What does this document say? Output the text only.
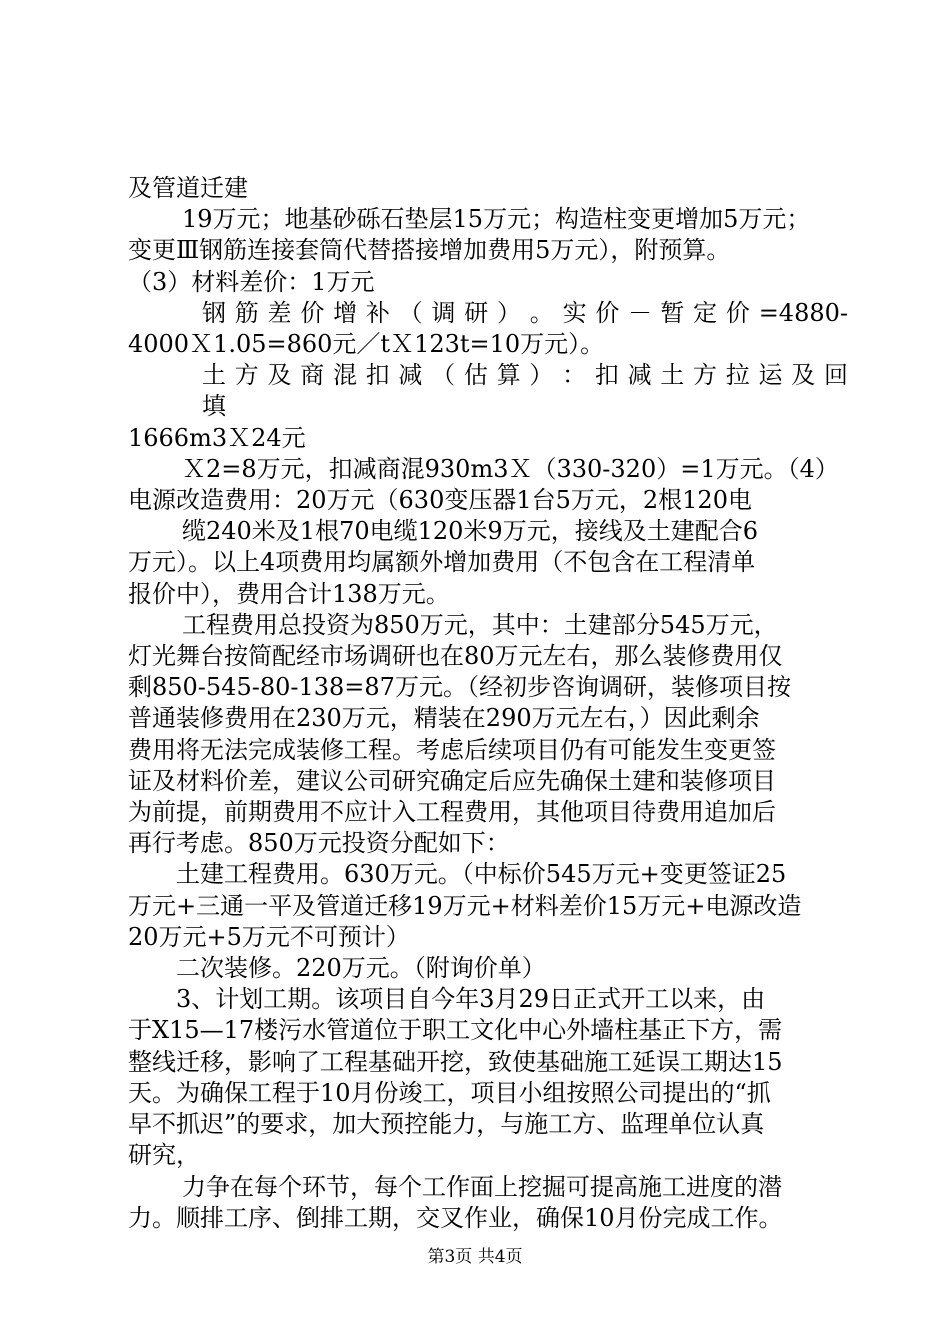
及管道迁建
19万元；地基砂砾石垫层15万元；构造柱变更增加5万元；
变更Ⅲ钢筋连接套筒代替搭接增加费用5万元），附预算。
（3）材料差价：1万元
钢 筋 差 价 增 补 （ 调 研 ） 。 实 价 － 暂 定 价 =4880-
4000Ｘ1.05=860元／tＸ123t=10万元）。
土 方 及 商 混 扣 减 （ 估 算 ） ： 扣 减 土 方 拉 运 及 回 填
1666m3Ｘ24元
Ｘ2=8万元，扣减商混930m3Ｘ（330-320）=1万元。（4）
电源改造费用：20万元（630变压器1台5万元，2根120电
缆240米及1根70电缆120米9万元，接线及土建配合6
万元）。以上4项费用均属额外增加费用（不包含在工程清单
报价中），费用合计138万元。
工程费用总投资为850万元，其中：土建部分545万元，
灯光舞台按简配经市场调研也在80万元左右，那么装修费用仅
剩850-545-80-138=87万元。（经初步咨询调研，装修项目按
普通装修费用在230万元，精装在290万元左右，）因此剩余
费用将无法完成装修工程。考虑后续项目仍有可能发生变更签
证及材料价差，建议公司研究确定后应先确保土建和装修项目
为前提，前期费用不应计入工程费用，其他项目待费用追加后
再行考虑。850万元投资分配如下：
土建工程费用。630万元。（中标价545万元+变更签证25
万元+三通一平及管道迁移19万元+材料差价15万元+电源改造
20万元+5万元不可预计）
二次装修。220万元。（附询价单）
3、计划工期。该项目自今年3月29日正式开工以来，由
于X15—17楼污水管道位于职工文化中心外墙柱基正下方，需
整线迁移，影响了工程基础开挖，致使基础施工延误工期达15
天。为确保工程于10月份竣工，项目小组按照公司提出的“抓
早不抓迟”的要求，加大预控能力，与施工方、监理单位认真
研究，
力争在每个环节，每个工作面上挖掘可提高施工进度的潜
力。顺排工序、倒排工期，交叉作业，确保10月份完成工作。
第3页 共4页
